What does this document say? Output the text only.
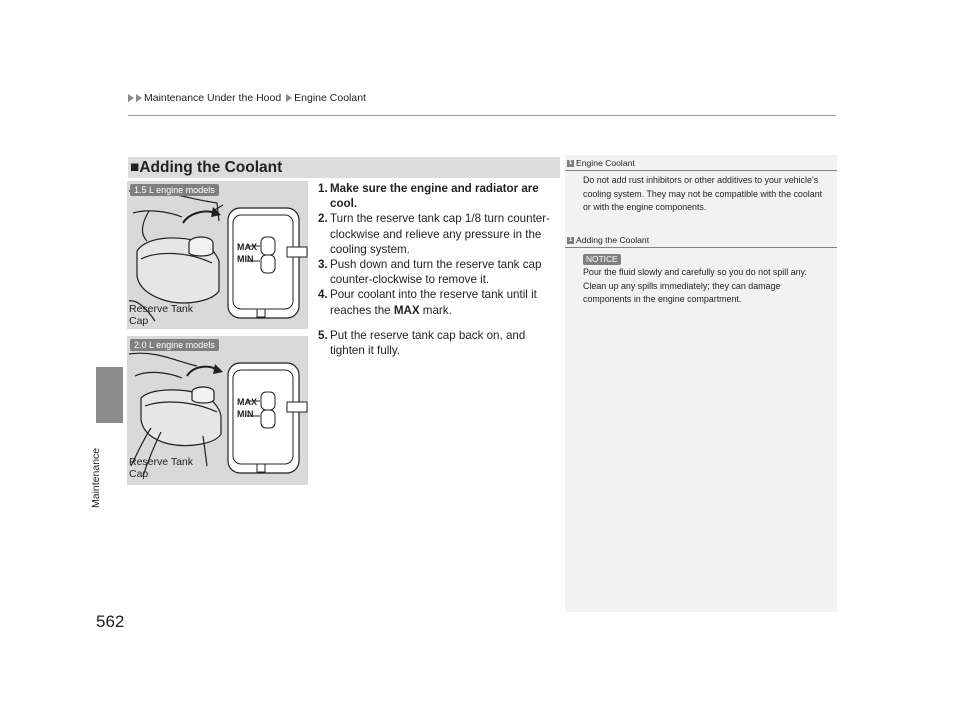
Maintenance Under the Hood Engine Coolant
Maintenance
562
■Adding the Coolant
MAX
MIN
1.5 L engine models
Reserve Tank
Cap
MAX
MIN
2.0 L engine models
Reserve Tank
Cap
1. Make sure the engine and radiator are cool.
2. Turn the reserve tank cap 1/8 turn counter-clockwise and relieve any pressure in the cooling system.
3. Push down and turn the reserve tank cap counter-clockwise to remove it.
4. Pour coolant into the reserve tank until it reaches the MAX mark.
5. Put the reserve tank cap back on, and tighten it fully.
1 Engine Coolant
Do not add rust inhibitors or other additives to your vehicle’s cooling system. They may not be compatible with the coolant or with the engine components.
1 Adding the Coolant
NOTICE
Pour the fluid slowly and carefully so you do not spill any. Clean up any spills immediately; they can damage components in the engine compartment.
